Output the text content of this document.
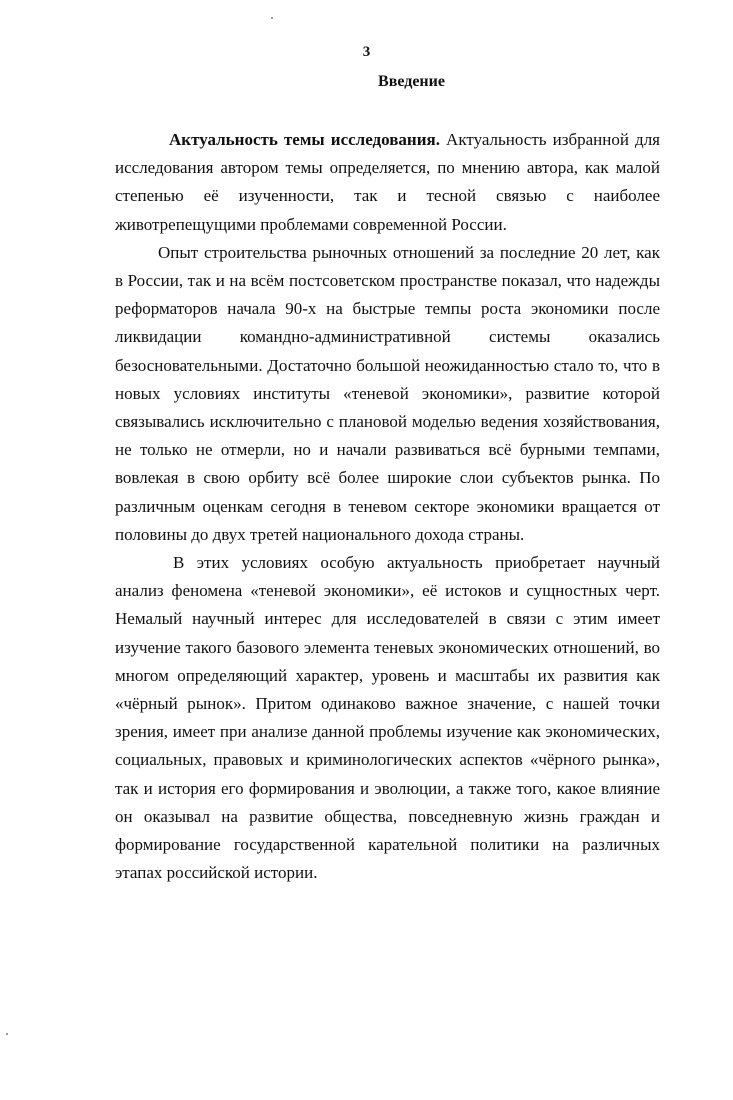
3

Введение

Актуальность темы исследования. Актуальность избранной для
исследования автором темы определяется, по мнению автора, как малой
степенью её изученности, так и тесной связью с наиболее
животрепещущими проблемами современной России.

Опыт строительства рыночных отношений за последние 20 лет, как
в России, так и на всём постсоветском пространстве показал, что надежды
реформаторов начала 90-х на быстрые темпы роста экономики после
ликвидации командно-административной системы оказались
безосновательными. Достаточно большой неожиданностью стало то, что в
новых условиях институты «теневой экономики», развитие которой
связывались исключительно с плановой моделью ведения хозяйствования,
не только не отмерли, но и начали развиваться всё бурными темпами,
вовлекая в свою орбиту всё более широкие слои субъектов рынка. По
различным оценкам сегодня в теневом секторе экономики вращается от
половины до двух третей национального дохода страны.

В этих условиях особую актуальность приобретает научный
анализ феномена «теневой экономики», её истоков и сущностных черт.
Немалый научный интерес для исследователей в связи с этим имеет
изучение такого базового элемента теневых экономических отношений, во
многом определяющий характер, уровень и масштабы их развития как
«чёрный рынок». Притом одинаково важное значение, с нашей точки
зрения, имеет при анализе данной проблемы изучение как экономических,
социальных, правовых и криминологических аспектов «чёрного рынка»,
так и история его формирования и эволюции, а также того, какое влияние
он оказывал на развитие общества, повседневную жизнь граждан и
формирование государственной карательной политики на различных
этапах российской истории.
